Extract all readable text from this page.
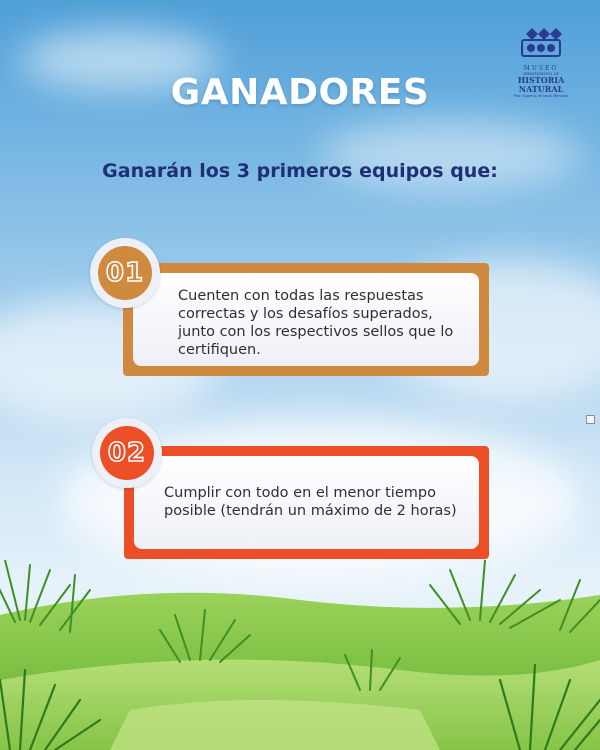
GANADORES
MUSEO
DEPARTAMENTAL DE
HISTORIA
NATURAL
Prof. Eugenio de Jesús Marcano
Ganarán los 3 primeros equipos que:
Cuenten con todas las respuestas correctas y los desafíos superados, junto con los respectivos sellos que lo certifiquen.
01
Cumplir con todo en el menor tiempo posible (tendrán un máximo de 2 horas)
02
